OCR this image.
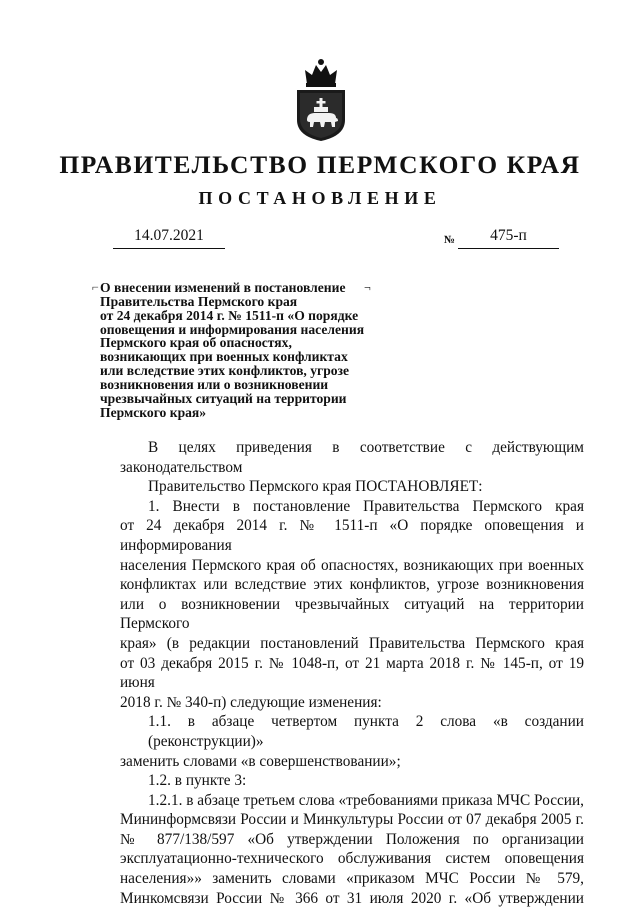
ПРАВИТЕЛЬСТВО ПЕРМСКОГО КРАЯ
ПОСТАНОВЛЕНИЕ
14.07.2021	№	475-п
⌐	¬
О внесении изменений в постановление
Правительства Пермского края
от 24 декабря 2014 г. № 1511-п «О порядке
оповещения и информирования населения
Пермского края об опасностях,
возникающих при военных конфликтах
или вследствие этих конфликтов, угрозе
возникновения или о возникновении
чрезвычайных ситуаций на территории
Пермского края»

В целях приведения в соответствие с действующим

законодательством

Правительство Пермского края ПОСТАНОВЛЯЕТ:

1. Внести в постановление Правительства Пермского края

от 24 декабря 2014 г. № 1511-п «О порядке оповещения и информирования

населения Пермского края об опасностях, возникающих при военных

конфликтах или вследствие этих конфликтов, угрозе возникновения

или о возникновении чрезвычайных ситуаций на территории Пермского

края» (в редакции постановлений Правительства Пермского края

от 03 декабря 2015 г. № 1048-п, от 21 марта 2018 г. № 145-п, от 19 июня

2018 г. № 340-п) следующие изменения:

1.1. в абзаце четвертом пункта 2 слова «в создании (реконструкции)»

заменить словами «в совершенствовании»;

1.2. в пункте 3:

1.2.1. в абзаце третьем слова «требованиями приказа МЧС России,

Мининформсвязи России и Минкультуры России от 07 декабря 2005 г.

№ 877/138/597 «Об утверждении Положения по организации

эксплуатационно-технического обслуживания систем оповещения

населения»» заменить словами «приказом МЧС России № 579,

Минкомсвязи России № 366 от 31 июля 2020 г. «Об утверждении
